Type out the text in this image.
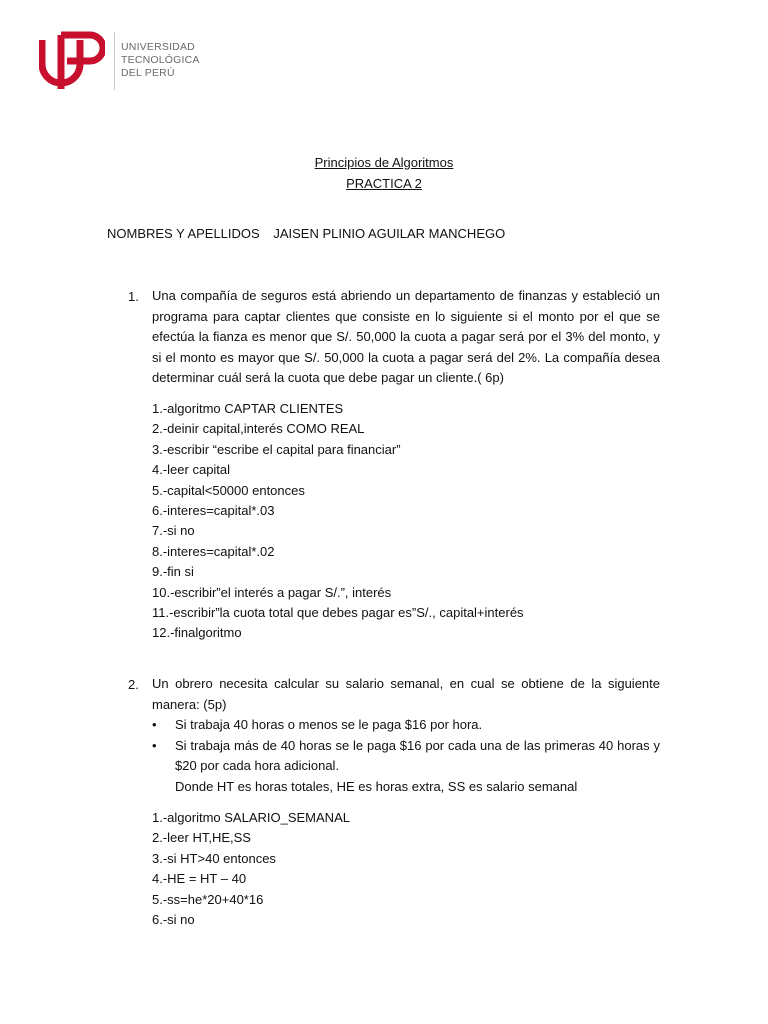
UNIVERSIDAD
TECNOLÓGICA
DEL PERÚ
Principios de Algoritmos
PRACTICA 2
NOMBRES Y APELLIDOS JAISEN PLINIO AGUILAR MANCHEGO
1. Una compañía de seguros está abriendo un departamento de finanzas y estableció un programa para captar clientes que consiste en lo siguiente si el monto por el que se efectúa la fianza es menor que S/. 50,000 la cuota a pagar será por el 3% del monto, y si el monto es mayor que S/. 50,000 la cuota a pagar será del 2%. La compañía desea determinar cuál será la cuota que debe pagar un cliente.( 6p)
1.-algoritmo CAPTAR CLIENTES
2.-deinir capital,interés COMO REAL
3.-escribir “escribe el capital para financiar”
4.-leer capital
5.-capital<50000 entonces
6.-interes=capital*.03
7.-si no
8.-interes=capital*.02
9.-fin si
10.-escribir”el interés a pagar S/.”, interés
11.-escribir”la cuota total que debes pagar es”S/., capital+interés
12.-finalgoritmo
2. Un obrero necesita calcular su salario semanal, en cual se obtiene de la siguiente manera: (5p)
• Si trabaja 40 horas o menos se le paga $16 por hora.
• Si trabaja más de 40 horas se le paga $16 por cada una de las primeras 40 horas y $20 por cada hora adicional.
Donde HT es horas totales, HE es horas extra, SS es salario semanal
1.-algoritmo SALARIO_SEMANAL
2.-leer HT,HE,SS
3.-si HT>40 entonces
4.-HE = HT – 40
5.-ss=he*20+40*16
6.-si no
